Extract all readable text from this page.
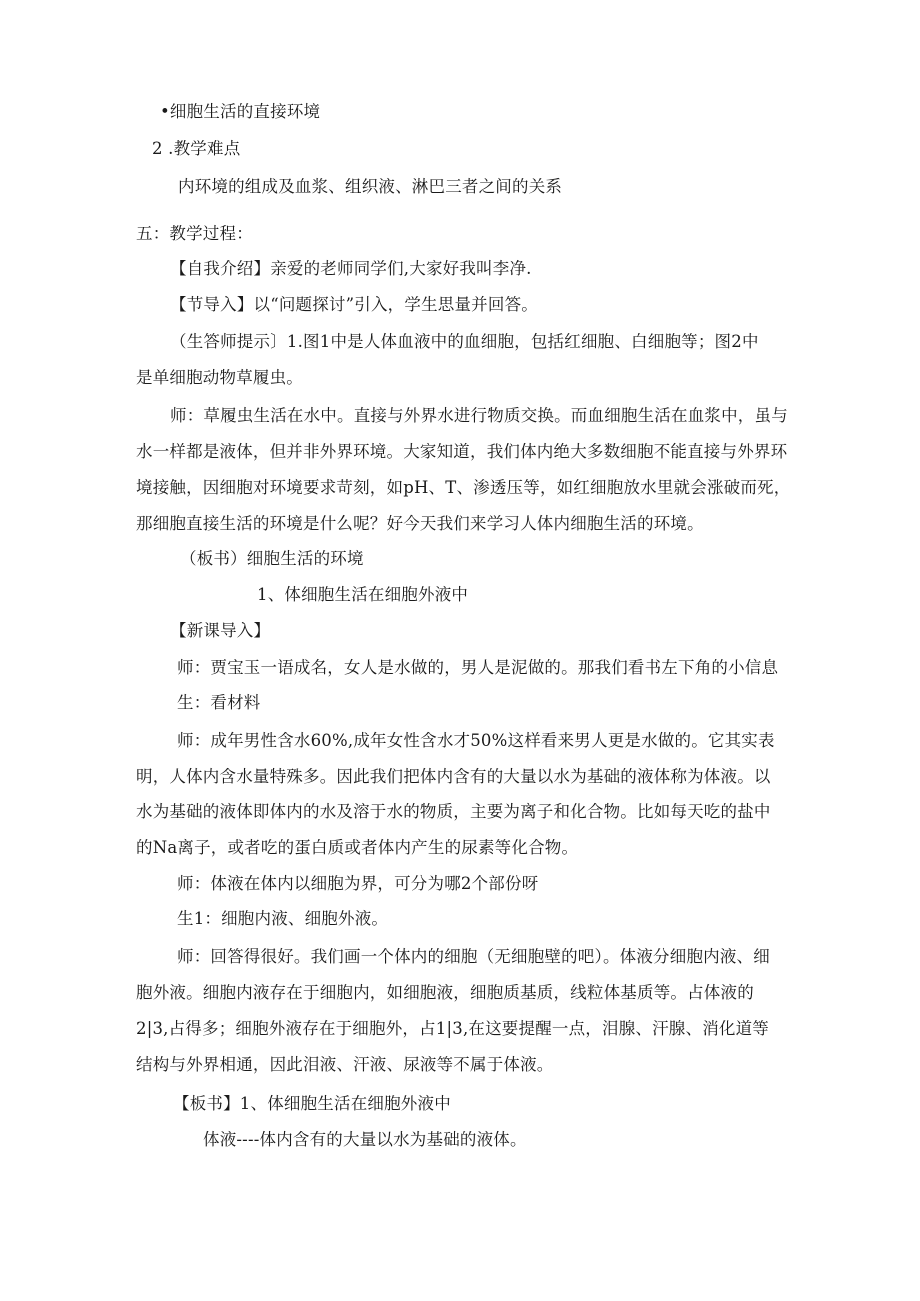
•细胞生活的直接环境
2 .教学难点
内环境的组成及血浆、组织液、淋巴三者之间的关系
五：教学过程：
【自我介绍】亲爱的老师同学们,大家好我叫李净.
【节导入】以“问题探讨”引入，学生思量并回答。
（生答师提示〕1.图1中是人体血液中的血细胞，包括红细胞、白细胞等；图2中
是单细胞动物草履虫。
师：草履虫生活在水中。直接与外界水进行物质交换。而血细胞生活在血浆中，虽与
水一样都是液体，但并非外界环境。大家知道，我们体内绝大多数细胞不能直接与外界环
境接触，因细胞对环境要求苛刻，如pH、T、渗透压等，如红细胞放水里就会涨破而死，
那细胞直接生活的环境是什么呢？好今天我们来学习人体内细胞生活的环境。
（板书）细胞生活的环境
1、体细胞生活在细胞外液中
【新课导入】
师：贾宝玉一语成名，女人是水做的，男人是泥做的。那我们看书左下角的小信息
生：看材料
师：成年男性含水60%,成年女性含水才50%这样看来男人更是水做的。它其实表
明，人体内含水量特殊多。因此我们把体内含有的大量以水为基础的液体称为体液。以
水为基础的液体即体内的水及溶于水的物质，主要为离子和化合物。比如每天吃的盐中
的Na离子，或者吃的蛋白质或者体内产生的尿素等化合物。
师：体液在体内以细胞为界，可分为哪2个部份呀
生1：细胞内液、细胞外液。
师：回答得很好。我们画一个体内的细胞（无细胞壁的吧）。体液分细胞内液、细
胞外液。细胞内液存在于细胞内，如细胞液，细胞质基质，线粒体基质等。占体液的
2|3,占得多；细胞外液存在于细胞外，占1|3,在这要提醒一点，泪腺、汗腺、消化道等
结构与外界相通，因此泪液、汗液、尿液等不属于体液。
【板书】1、体细胞生活在细胞外液中
体液----体内含有的大量以水为基础的液体。
